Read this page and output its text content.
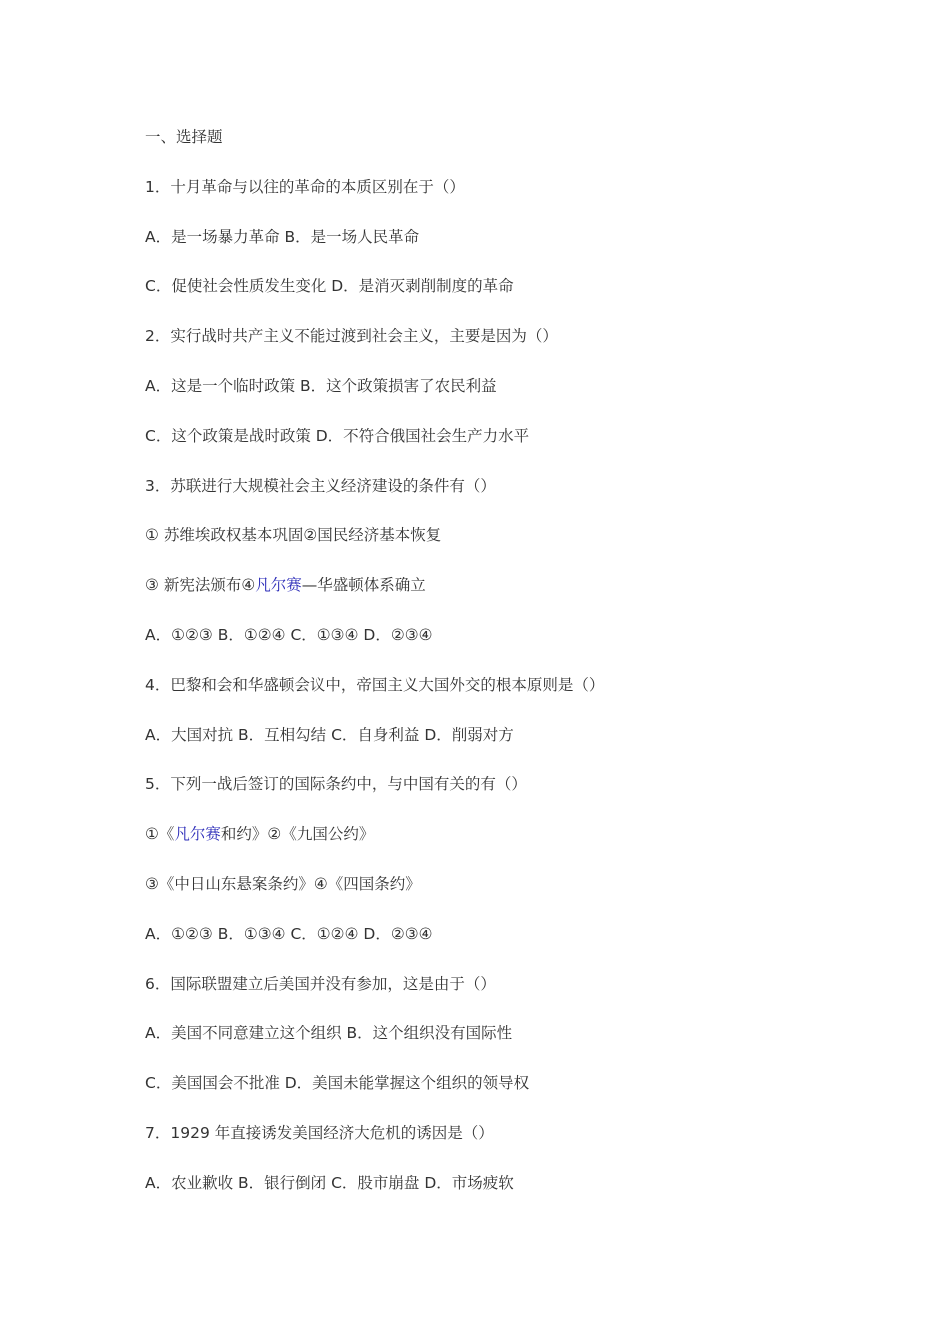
一、选择题
1．十月革命与以往的革命的本质区别在于（）
A．是一场暴力革命 B．是一场人民革命
C．促使社会性质发生变化 D．是消灭剥削制度的革命
2．实行战时共产主义不能过渡到社会主义，主要是因为（）
A．这是一个临时政策 B．这个政策损害了农民利益
C．这个政策是战时政策 D．不符合俄国社会生产力水平
3．苏联进行大规模社会主义经济建设的条件有（）
① 苏维埃政权基本巩固②国民经济基本恢复
③ 新宪法颁布④凡尔赛—华盛顿体系确立
A．①②③ B．①②④ C．①③④ D．②③④
4．巴黎和会和华盛顿会议中，帝国主义大国外交的根本原则是（）
A．大国对抗 B．互相勾结 C．自身利益 D．削弱对方
5．下列一战后签订的国际条约中，与中国有关的有（）
①《凡尔赛和约》②《九国公约》
③《中日山东悬案条约》④《四国条约》
A．①②③ B．①③④ C．①②④ D．②③④
6．国际联盟建立后美国并没有参加，这是由于（）
A．美国不同意建立这个组织 B．这个组织没有国际性
C．美国国会不批准 D．美国未能掌握这个组织的领导权
7．1929 年直接诱发美国经济大危机的诱因是（）
A．农业歉收 B．银行倒闭 C．股市崩盘 D．市场疲软
